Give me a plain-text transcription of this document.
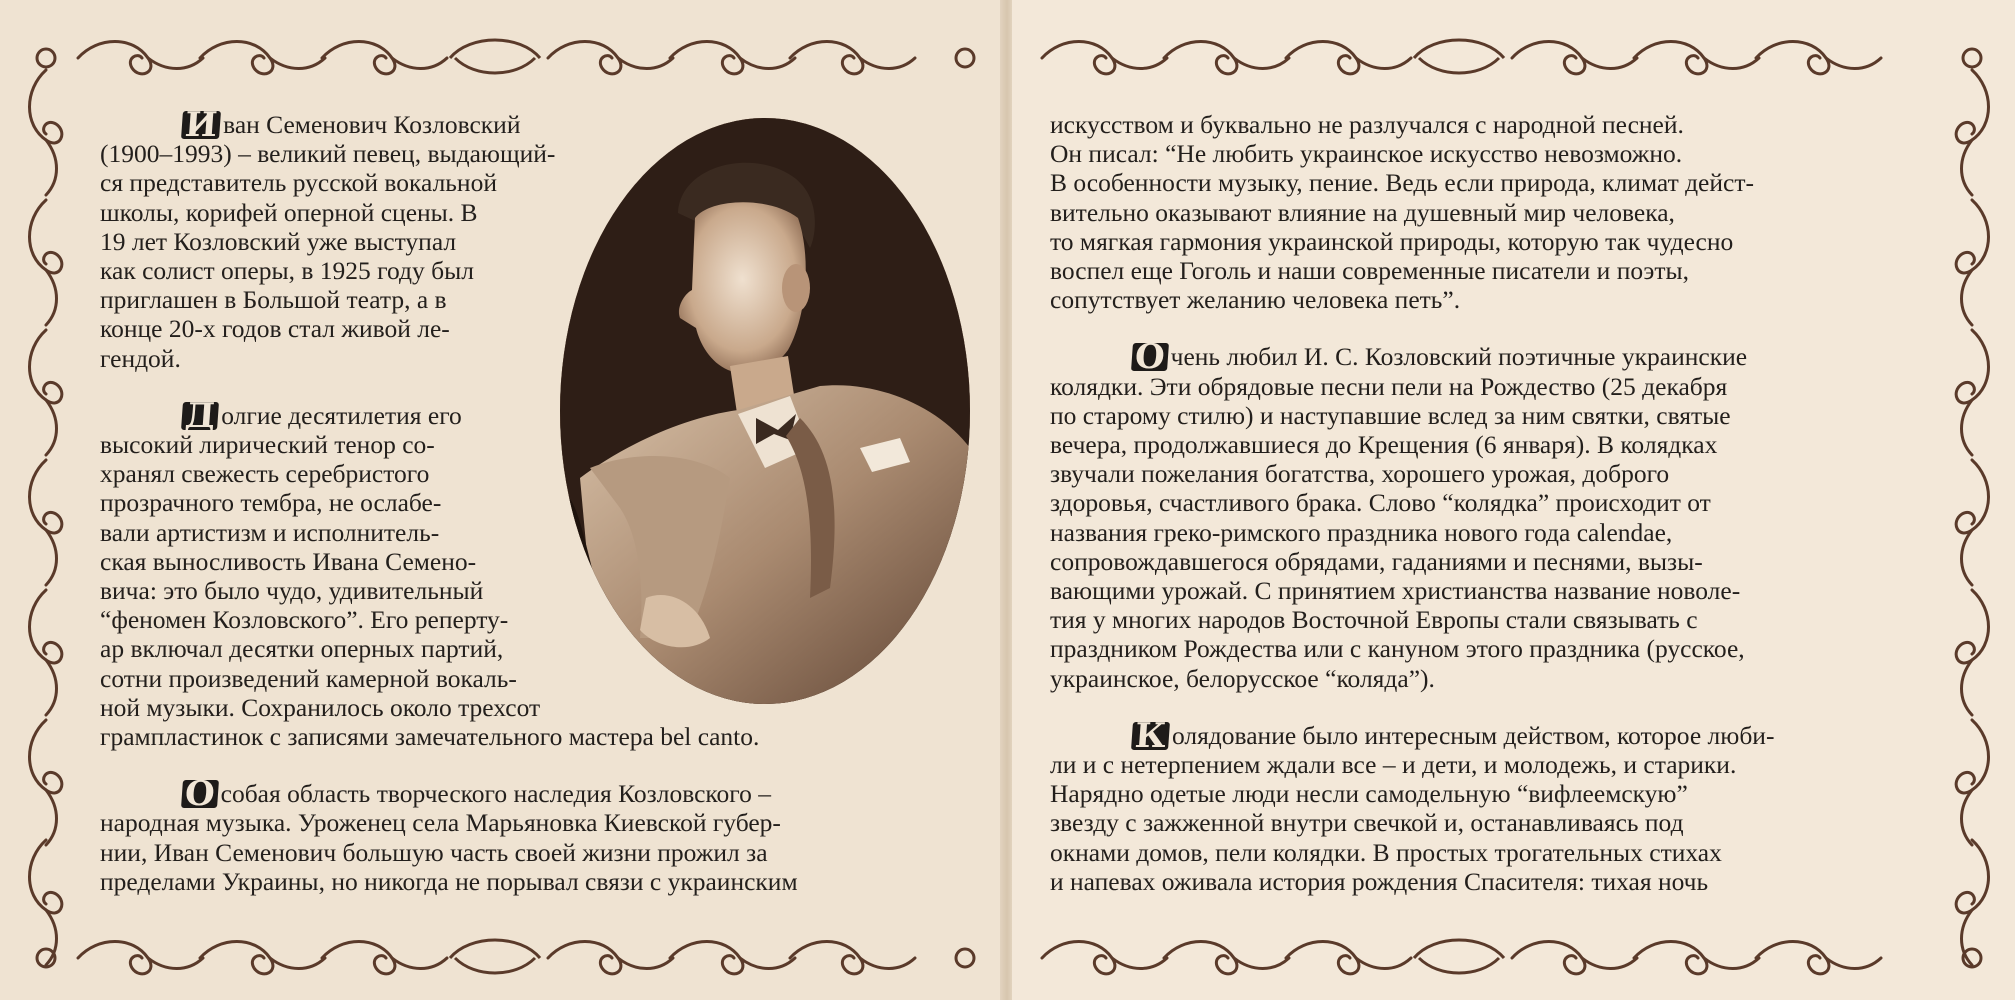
И ван Семенович Козловский

(1900–1993) – великий певец, выдающий-

ся представитель русской вокальной

школы, корифей оперной сцены. В

19 лет Козловский уже выступал

как солист оперы, в 1925 году был

приглашен в Большой театр, а в

конце 20-х годов стал живой ле-

гендой.

Д олгие десятилетия его

высокий лирический тенор со-

хранял свежесть серебристого

прозрачного тембра, не ослабе-

вали артистизм и исполнитель-

ская выносливость Ивана Семено-

вича: это было чудо, удивительный

“феномен Козловского”. Его реперту-

ар включал десятки оперных партий,

сотни произведений камерной вокаль-

ной музыки. Сохранилось около трехсот

грампластинок с записями замечательного мастера bel canto.

О собая область творческого наследия Козловского –

народная музыка. Уроженец села Марьяновка Киевской губер-

нии, Иван Семенович большую часть своей жизни прожил за

пределами Украины, но никогда не порывал связи с украинским

искусством и буквально не разлучался с народной песней.

Он писал: “Не любить украинское искусство невозможно.

В особенности музыку, пение. Ведь если природа, климат дейст-

вительно оказывают влияние на душевный мир человека,

то мягкая гармония украинской природы, которую так чудесно

воспел еще Гоголь и наши современные писатели и поэты,

сопутствует желанию человека петь”.

О чень любил И. С. Козловский поэтичные украинские

колядки. Эти обрядовые песни пели на Рождество (25 декабря

по старому стилю) и наступавшие вслед за ним святки, святые

вечера, продолжавшиеся до Крещения (6 января). В колядках

звучали пожелания богатства, хорошего урожая, доброго

здоровья, счастливого брака. Слово “колядка” происходит от

названия греко-римского праздника нового года calendae,

сопровождавшегося обрядами, гаданиями и песнями, вызы-

вающими урожай. С принятием христианства название новоле-

тия у многих народов Восточной Европы стали связывать с

праздником Рождества или с кануном этого праздника (русское,

украинское, белорусское “коляда”).

К олядование было интересным действом, которое люби-

ли и с нетерпением ждали все – и дети, и молодежь, и старики.

Нарядно одетые люди несли самодельную “вифлеемскую”

звезду с зажженной внутри свечкой и, останавливаясь под

окнами домов, пели колядки. В простых трогательных стихах

и напевах оживала история рождения Спасителя: тихая ночь
